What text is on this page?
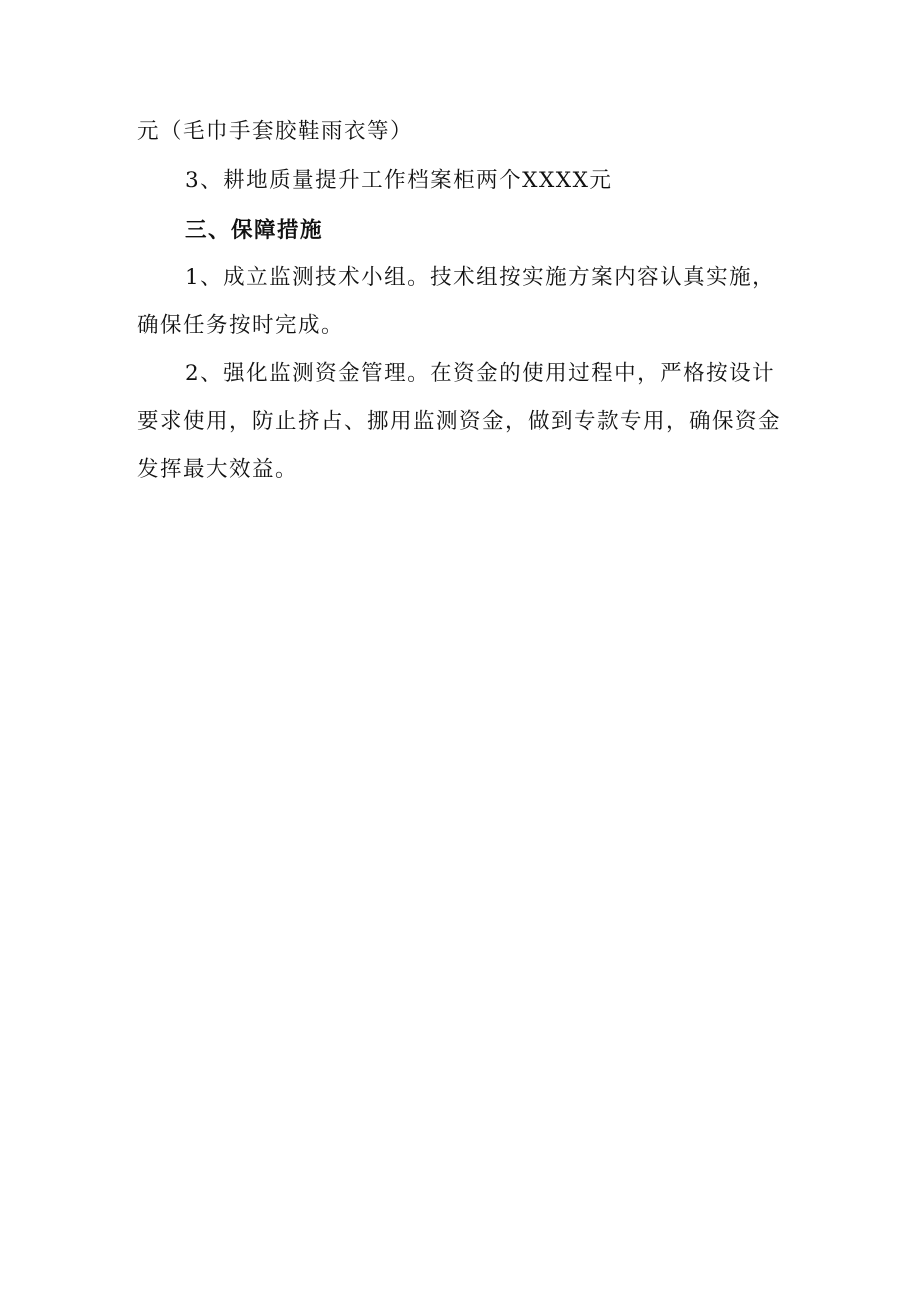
元（毛巾手套胶鞋雨衣等）

3、耕地质量提升工作档案柜两个XXXX元

三、保障措施

1、成立监测技术小组。技术组按实施方案内容认真实施，确保任务按时完成。

2、强化监测资金管理。在资金的使用过程中，严格按设计要求使用，防止挤占、挪用监测资金，做到专款专用，确保资金发挥最大效益。
